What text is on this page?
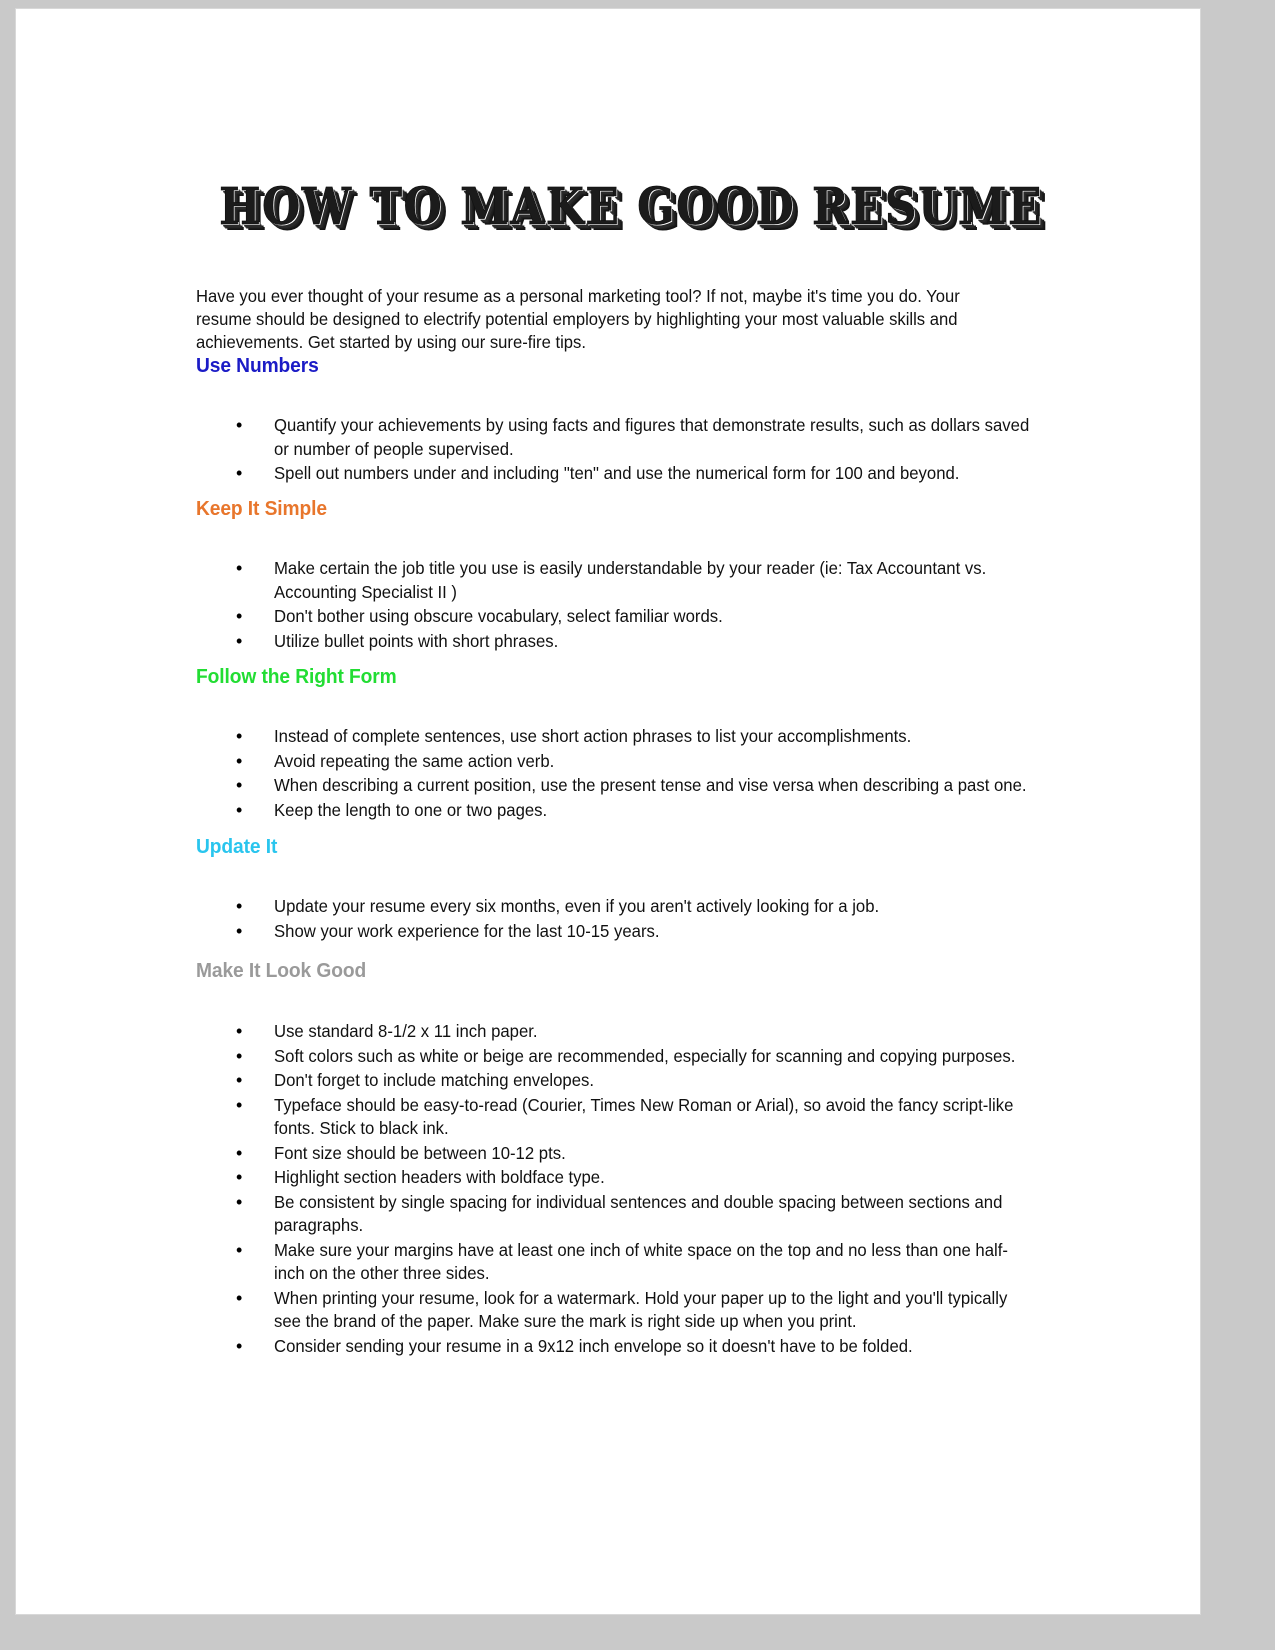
HOW TO MAKE GOOD RESUME

Have you ever thought of your resume as a personal marketing tool? If not, maybe it's time you do. Your resume should be designed to electrify potential employers by highlighting your most valuable skills and achievements. Get started by using our sure-fire tips.

Use Numbers
• Quantify your achievements by using facts and figures that demonstrate results, such as dollars saved or number of people supervised.
• Spell out numbers under and including "ten" and use the numerical form for 100 and beyond.
Keep It Simple
• Make certain the job title you use is easily understandable by your reader (ie: Tax Accountant vs. Accounting Specialist II )
• Don't bother using obscure vocabulary, select familiar words.
• Utilize bullet points with short phrases.
Follow the Right Form
• Instead of complete sentences, use short action phrases to list your accomplishments.
• Avoid repeating the same action verb.
• When describing a current position, use the present tense and vise versa when describing a past one.
• Keep the length to one or two pages.
Update It
• Update your resume every six months, even if you aren't actively looking for a job.
• Show your work experience for the last 10-15 years.
Make It Look Good
• Use standard 8-1/2 x 11 inch paper.
• Soft colors such as white or beige are recommended, especially for scanning and copying purposes.
• Don't forget to include matching envelopes.
• Typeface should be easy-to-read (Courier, Times New Roman or Arial), so avoid the fancy script-like fonts. Stick to black ink.
• Font size should be between 10-12 pts.
• Highlight section headers with boldface type.
• Be consistent by single spacing for individual sentences and double spacing between sections and paragraphs.
• Make sure your margins have at least one inch of white space on the top and no less than one half-inch on the other three sides.
• When printing your resume, look for a watermark. Hold your paper up to the light and you'll typically see the brand of the paper. Make sure the mark is right side up when you print.
• Consider sending your resume in a 9x12 inch envelope so it doesn't have to be folded.
